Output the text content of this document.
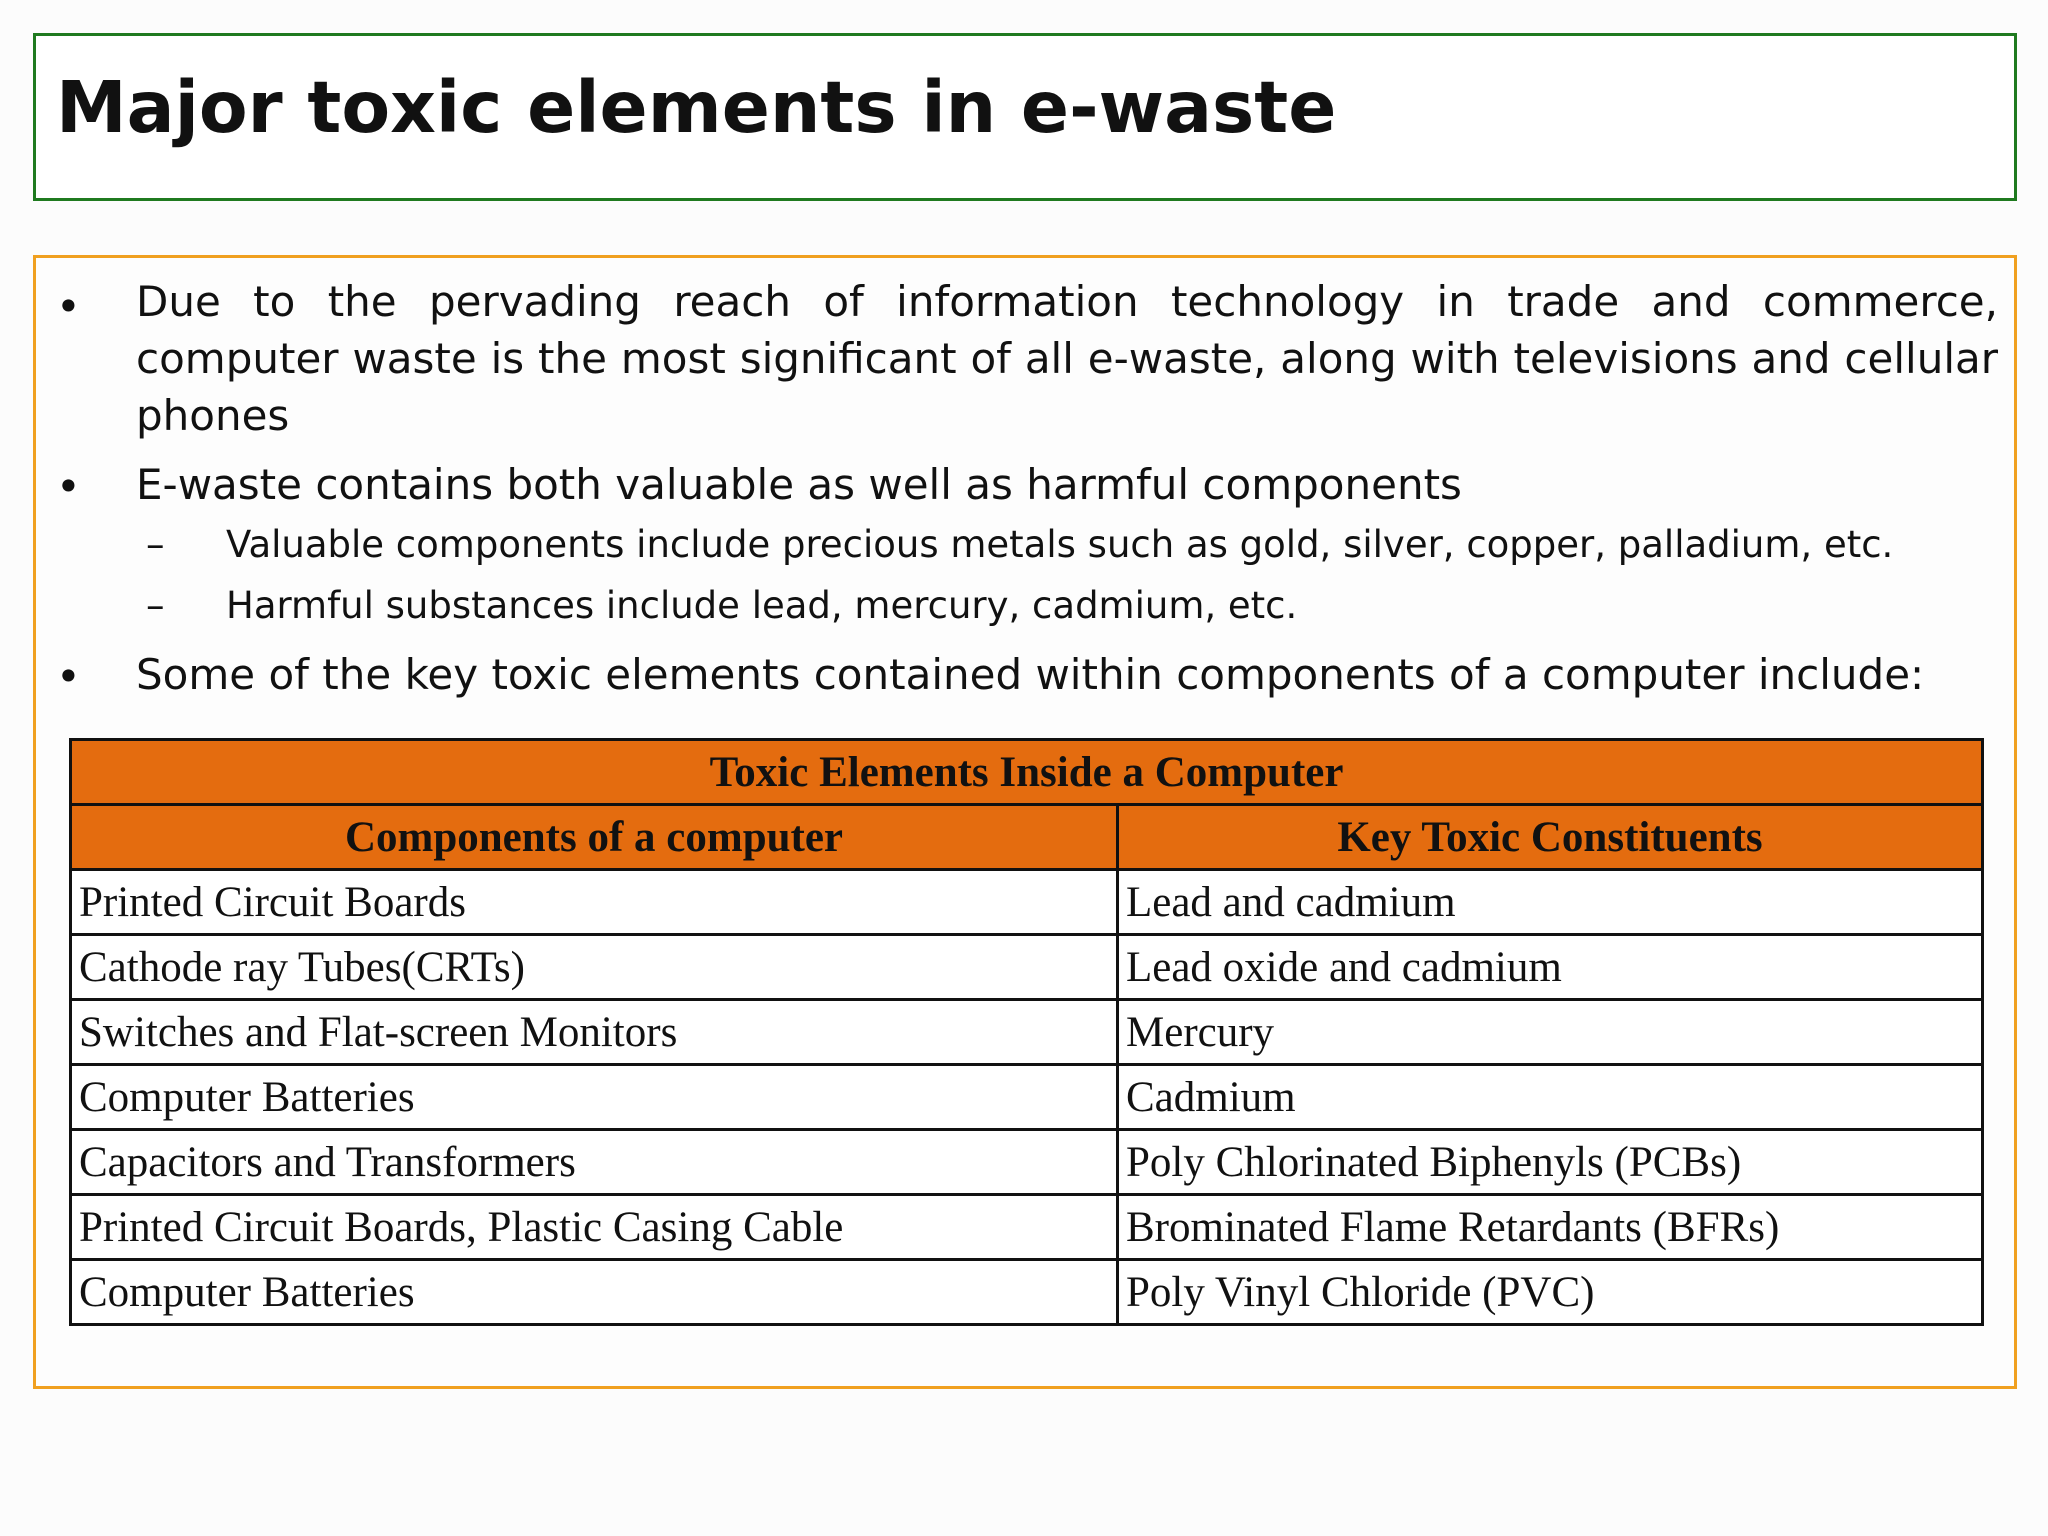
Major toxic elements in e-waste
• Due to the pervading reach of information technology in trade and commerce, computer waste is the most significant of all e-waste, along with televisions and cellular phones
• E-waste contains both valuable as well as harmful components
– Valuable components include precious metals such as gold, silver, copper, palladium, etc.
– Harmful substances include lead, mercury, cadmium, etc.
• Some of the key toxic elements contained within components of a computer include:
Toxic Elements Inside a Computer	
Components of a computer	Key Toxic Constituents
Printed Circuit Boards	Lead and cadmium
Cathode ray Tubes(CRTs)	Lead oxide and cadmium
Switches and Flat-screen Monitors	Mercury
Computer Batteries	Cadmium
Capacitors and Transformers	Poly Chlorinated Biphenyls (PCBs)
Printed Circuit Boards, Plastic Casing Cable	Brominated Flame Retardants (BFRs)
Computer Batteries	Poly Vinyl Chloride (PVC)
